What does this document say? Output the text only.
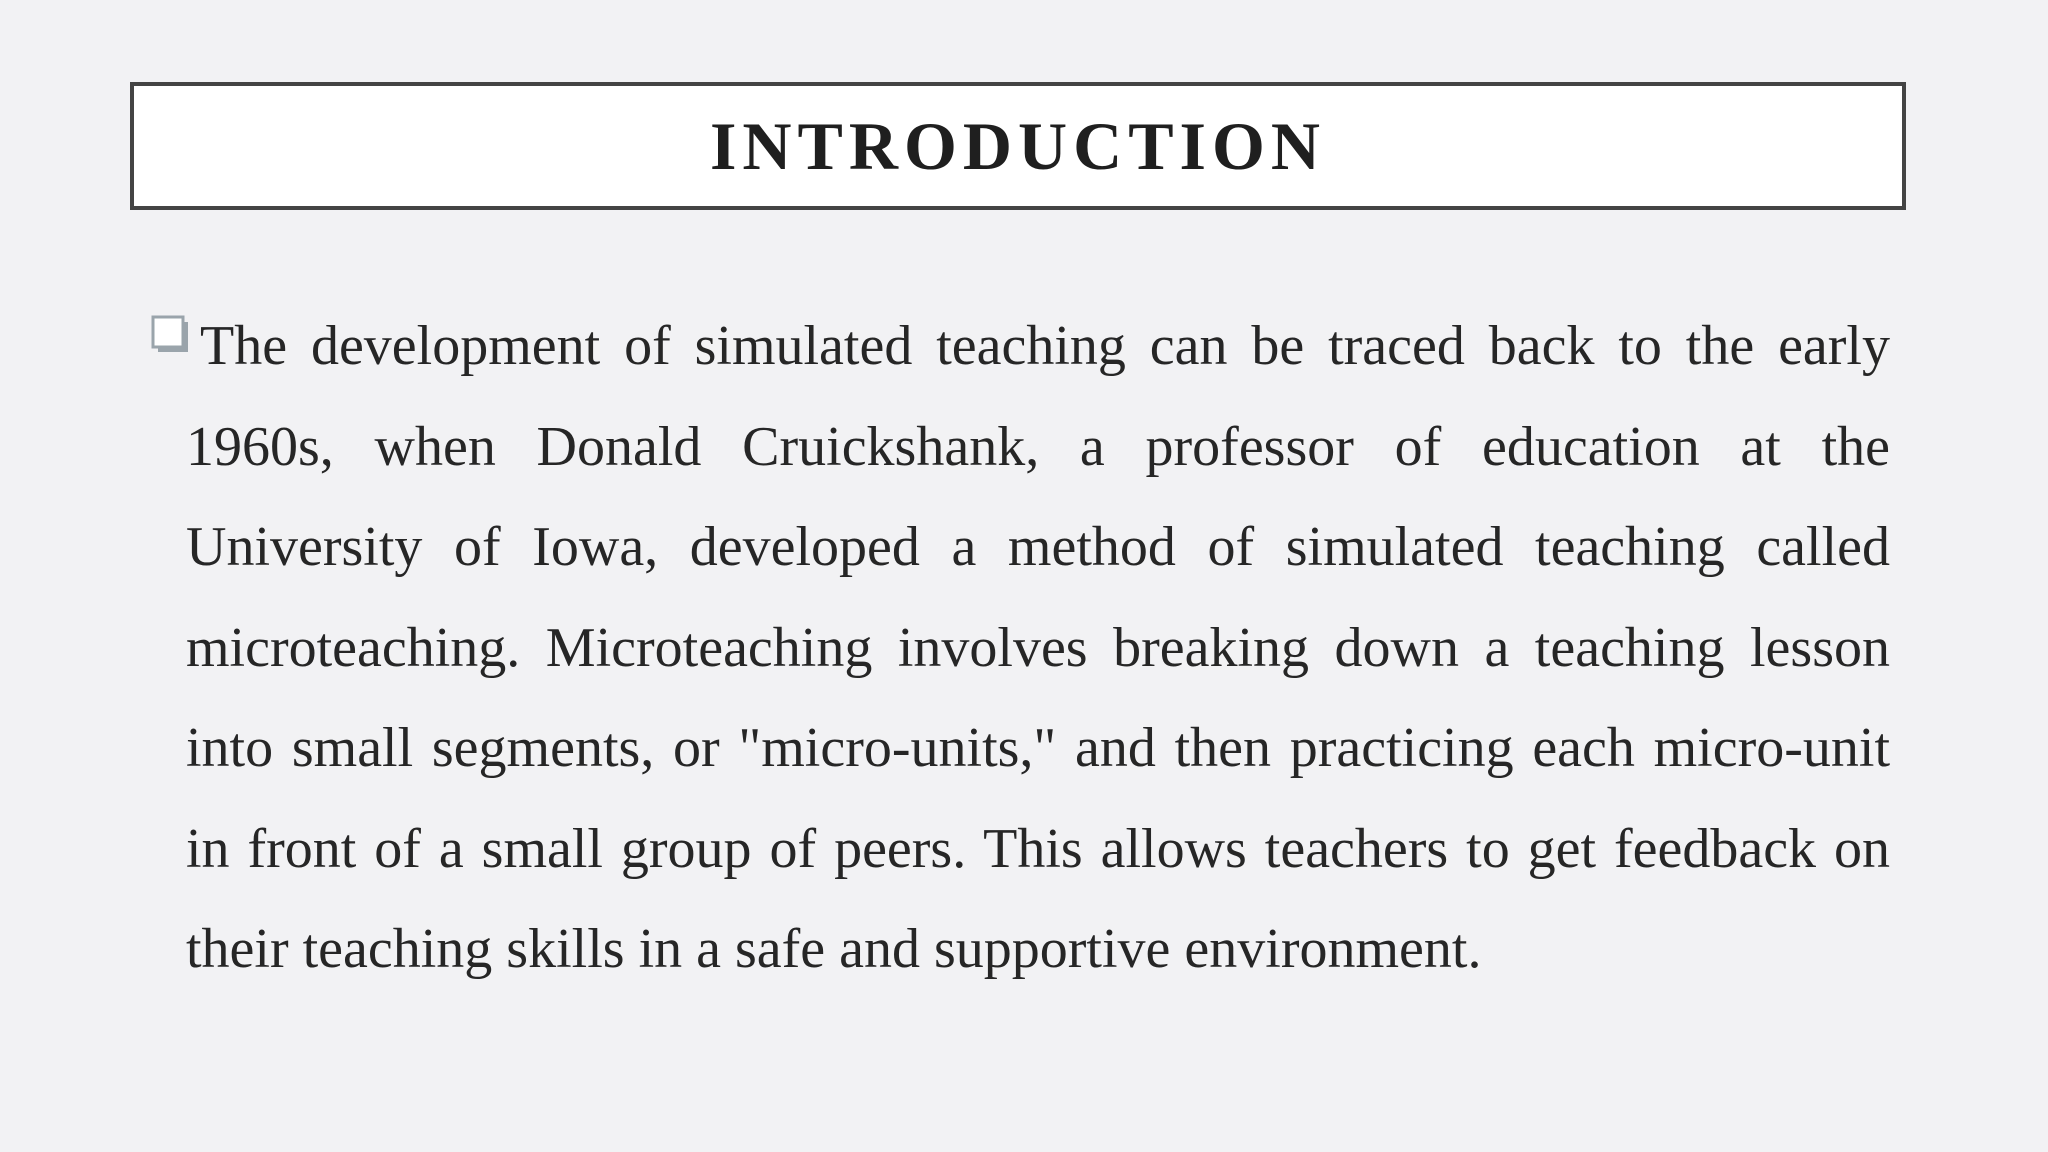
INTRODUCTION

The development of simulated teaching can be traced back to the early 1960s, when Donald Cruickshank, a professor of education at the University of Iowa, developed a method of simulated teaching called microteaching. Microteaching involves breaking down a teaching lesson into small segments, or "micro-units," and then practicing each micro-unit in front of a small group of peers. This allows teachers to get feedback on their teaching skills in a safe and supportive environment.
